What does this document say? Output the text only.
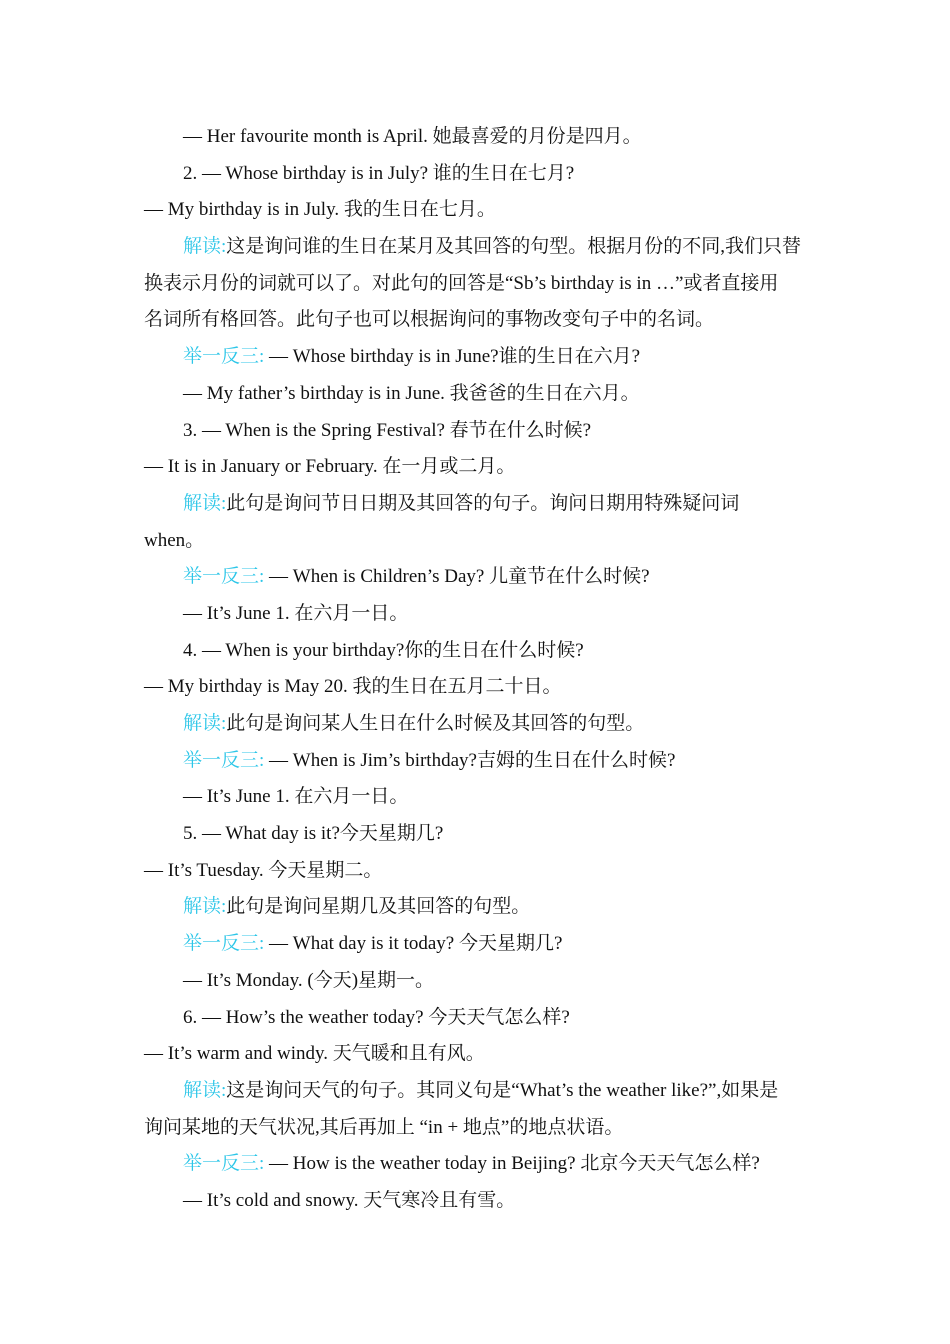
— Her favourite month is April. 她最喜爱的月份是四月。
2. — Whose birthday is in July? 谁的生日在七月?
— My birthday is in July. 我的生日在七月。
解读:这是询问谁的生日在某月及其回答的句型。根据月份的不同,我们只替
换表示月份的词就可以了。对此句的回答是“Sb’s birthday is in …”或者直接用
名词所有格回答。此句子也可以根据询问的事物改变句子中的名词。
举一反三: — Whose birthday is in June?谁的生日在六月?
— My father’s birthday is in June. 我爸爸的生日在六月。
3. — When is the Spring Festival? 春节在什么时候?
— It is in January or February. 在一月或二月。
解读:此句是询问节日日期及其回答的句子。询问日期用特殊疑问词
when。
举一反三: — When is Children’s Day? 儿童节在什么时候?
— It’s June 1. 在六月一日。
4. — When is your birthday?你的生日在什么时候?
— My birthday is May 20. 我的生日在五月二十日。
解读:此句是询问某人生日在什么时候及其回答的句型。
举一反三: — When is Jim’s birthday?吉姆的生日在什么时候?
— It’s June 1. 在六月一日。
5. — What day is it?今天星期几?
— It’s Tuesday. 今天星期二。
解读:此句是询问星期几及其回答的句型。
举一反三: — What day is it today? 今天星期几?
— It’s Monday. (今天)星期一。
6. — How’s the weather today? 今天天气怎么样?
— It’s warm and windy. 天气暖和且有风。
解读:这是询问天气的句子。其同义句是“What’s the weather like?”,如果是
询问某地的天气状况,其后再加上 “in + 地点”的地点状语。
举一反三: — How is the weather today in Beijing? 北京今天天气怎么样?
— It’s cold and snowy. 天气寒冷且有雪。
